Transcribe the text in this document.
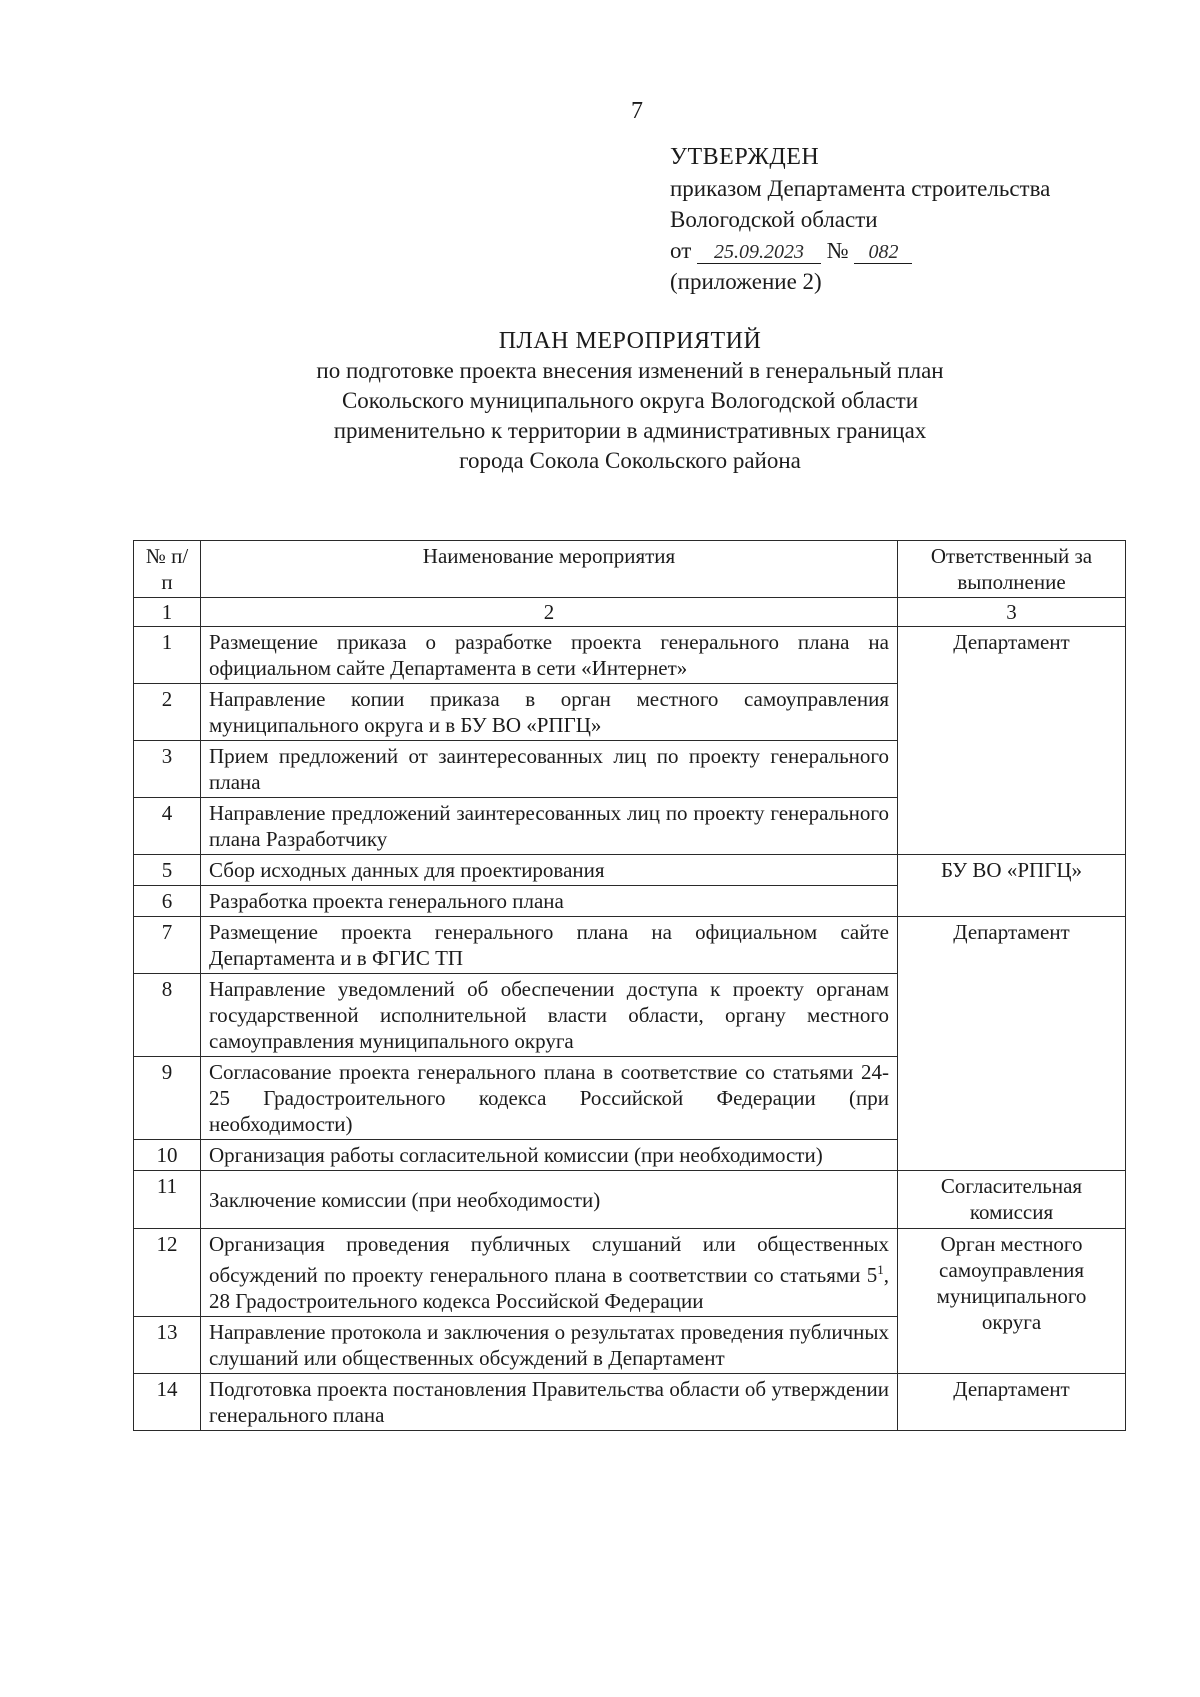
7
УТВЕРЖДЕН
приказом Департамента строительства
Вологодской области
от 25.09.2023 № 082
(приложение 2)
ПЛАН МЕРОПРИЯТИЙ
по подготовке проекта внесения изменений в генеральный план
Сокольского муниципального округа Вологодской области
применительно к территории в административных границах
города Сокола Сокольского района
№ п/п	Наименование мероприятия	Ответственный за выполнение
1	2	3
1	Размещение приказа о разработке проекта генерального плана на официальном сайте Департамента в сети «Интернет»	Департамент
2	Направление копии приказа в орган местного самоуправления муниципального округа и в БУ ВО «РПГЦ»	
3	Прием предложений от заинтересованных лиц по проекту генерального плана	
4	Направление предложений заинтересованных лиц по проекту генерального плана Разработчику	
5	Сбор исходных данных для проектирования	БУ ВО «РПГЦ»
6	Разработка проекта генерального плана	
7	Размещение проекта генерального плана на официальном сайте Департамента и в ФГИС ТП	Департамент
8	Направление уведомлений об обеспечении доступа к проекту органам государственной исполнительной власти области, органу местного самоуправления муниципального округа	
9	Согласование проекта генерального плана в соответствие со статьями 24-25 Градостроительного кодекса Российской Федерации (при необходимости)	
10	Организация работы согласительной комиссии (при необходимости)	
11	Заключение комиссии (при необходимости)	Согласительная комиссия
12	Организация проведения публичных слушаний или общественных обсуждений по проекту генерального плана в соответствии со статьями $5^1$, 28 Градостроительного кодекса Российской Федерации	Орган местного самоуправления муниципального округа
13	Направление протокола и заключения о результатах проведения публичных слушаний или общественных обсуждений в Департамент	
14	Подготовка проекта постановления Правительства области об утверждении генерального плана	Департамент
